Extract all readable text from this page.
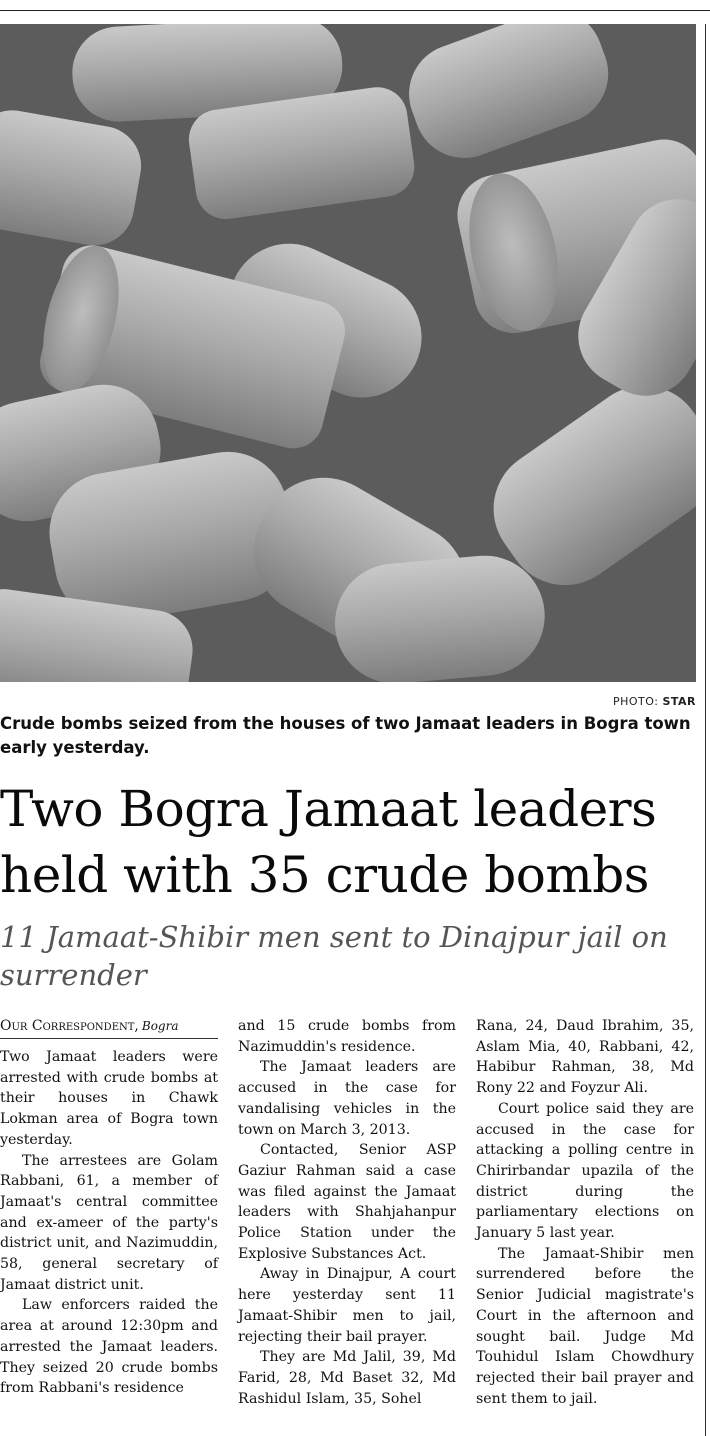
PHOTO: STAR
Crude bombs seized from the houses of two Jamaat leaders in Bogra town early yesterday.
Two Bogra Jamaat leaders held with 35 crude bombs
11 Jamaat-Shibir men sent to Dinajpur jail on surrender
Our Correspondent, Bogra

Two Jamaat leaders were arrested with crude bombs at their houses in Chawk Lokman area of Bogra town yesterday.

The arrestees are Golam Rabbani, 61, a member of Jamaat's central committee and ex-ameer of the party's district unit, and Nazimuddin, 58, general secretary of Jamaat district unit.

Law enforcers raided the area at around 12:30pm and arrested the Jamaat leaders. They seized 20 crude bombs from Rabbani's residence

and 15 crude bombs from Nazimuddin's residence.

The Jamaat leaders are accused in the case for vandalising vehicles in the town on March 3, 2013.

Contacted, Senior ASP Gaziur Rahman said a case was filed against the Jamaat leaders with Shahjahanpur Police Station under the Explosive Substances Act.

Away in Dinajpur, A court here yesterday sent 11 Jamaat-Shibir men to jail, rejecting their bail prayer.

They are Md Jalil, 39, Md Farid, 28, Md Baset 32, Md Rashidul Islam, 35, Sohel

Rana, 24, Daud Ibrahim, 35, Aslam Mia, 40, Rabbani, 42, Habibur Rahman, 38, Md Rony 22 and Foyzur Ali.

Court police said they are accused in the case for attacking a polling centre in Chirirbandar upazila of the district during the parliamentary elections on January 5 last year.

The Jamaat-Shibir men surrendered before the Senior Judicial magistrate's Court in the afternoon and sought bail. Judge Md Touhidul Islam Chowdhury rejected their bail prayer and sent them to jail.
